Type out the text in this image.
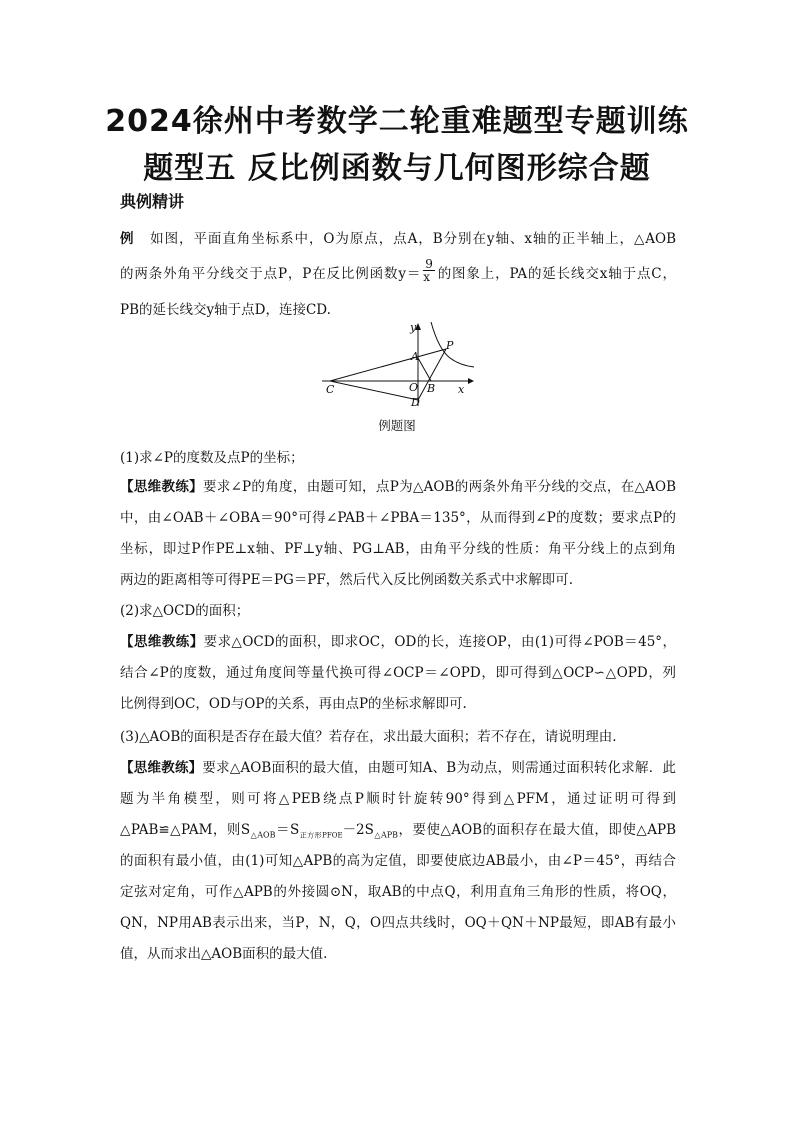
2024徐州中考数学二轮重难题型专题训练
题型五 反比例函数与几何图形综合题
典例精讲
例 如图，平面直角坐标系中，O为原点，点A，B分别在y轴、x轴的正半轴上，△AOB
的两条外角平分线交于点P，P在反比例函数$y= \frac{9}{x}$ 的图象上，PA的延长线交x轴于点C，
PB的延长线交y轴于点D，连接CD.
y
x
A
B
C
D
O
P
例题图
(1)求∠P的度数及点P的坐标；
【思维教练】要求∠P的角度，由题可知，点P为△AOB的两条外角平分线的交点，在△AOB
中，由∠OAB＋∠OBA＝90°可得∠PAB＋∠PBA＝135°，从而得到∠P的度数；要求点P的
坐标，即过P作PE⊥x轴、PF⊥y轴、PG⊥AB，由角平分线的性质：角平分线上的点到角
两边的距离相等可得PE＝PG＝PF，然后代入反比例函数关系式中求解即可.
(2)求△OCD的面积；
【思维教练】要求△OCD的面积，即求OC，OD的长，连接OP，由(1)可得∠POB＝45°，
结合∠P的度数，通过角度间等量代换可得∠OCP＝∠OPD，即可得到△OCP∽△OPD，列
比例得到OC，OD与OP的关系，再由点P的坐标求解即可.
(3)△AOB的面积是否存在最大值？若存在，求出最大面积；若不存在，请说明理由.
【思维教练】要求△AOB面积的最大值，由题可知A、B为动点，则需通过面积转化求解．此
题为半角模型，则可将△PEB绕点P顺时针旋转90°得到△PFM，通过证明可得到
△PAB≌△PAM，则$S_{\triangle AOB}=S_{正方形PFOE}-2S_{\triangle APB}$，要使△AOB的面积存在最大值，即使△APB
的面积有最小值，由(1)可知△APB的高为定值，即要使底边AB最小，由∠P＝45°，再结合
定弦对定角，可作△APB的外接圆⊙N，取AB的中点Q，利用直角三角形的性质，将OQ，
QN，NP用AB表示出来，当P，N，Q，O四点共线时，OQ＋QN＋NP最短，即AB有最小
值，从而求出△AOB面积的最大值.
